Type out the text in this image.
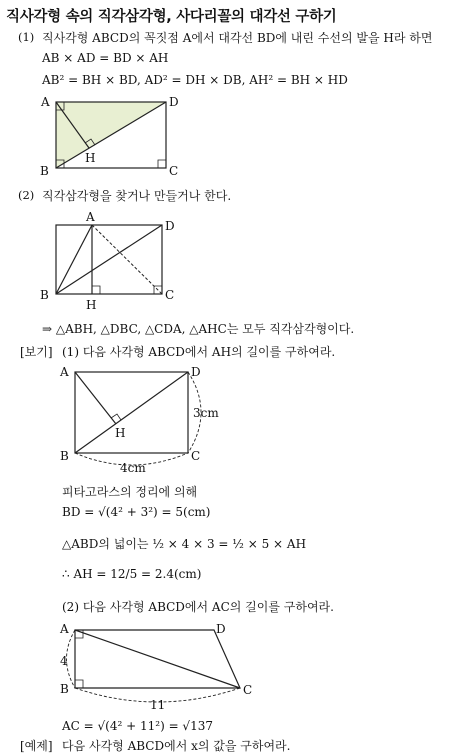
직사각형 속의 직각삼각형, 사다리꼴의 대각선 구하기
(1) 직사각형 ABCD의 꼭짓점 A에서 대각선 BD에 내린 수선의 발을 H라 하면
AB × AD = BD × AH
AB² = BH × BD, AD² = DH × DB, AH² = BH × HD
A	D
B	C
H
(2) 직각삼각형을 찾거나 만들거나 한다.
A
D
B	C
H
⇒ △ABH, △DBC, △CDA, △AHC는 모두 직각삼각형이다.
[보기] (1) 다음 사각형 ABCD에서 AH의 길이를 구하여라.
A	D
B	C
H
3cm
4cm
피타고라스의 정리에 의해
BD = √(4² + 3²) = 5(cm)
△ABD의 넓이는 ½ × 4 × 3 = ½ × 5 × AH
∴ AH = 12/5 = 2.4(cm)
(2) 다음 사각형 ABCD에서 AC의 길이를 구하여라.
A	D
B	C
4
11
AC = √(4² + 11²) = √137
[예제] 다음 사각형 ABCD에서 x의 값을 구하여라.
